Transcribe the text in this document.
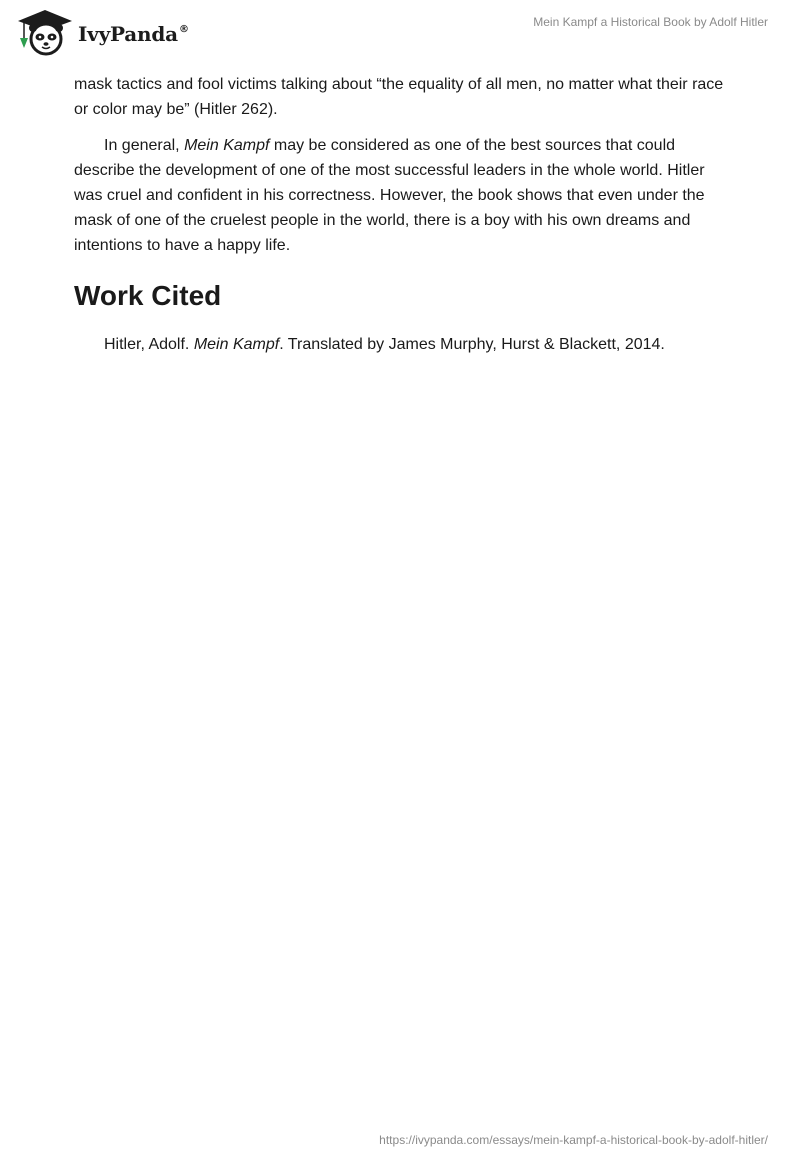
IvyPanda®
Mein Kampf a Historical Book by Adolf Hitler

mask tactics and fool victims talking about “the equality of all men, no matter what their race or color may be” (Hitler 262).

In general, Mein Kampf may be considered as one of the best sources that could describe the development of one of the most successful leaders in the whole world. Hitler was cruel and confident in his correctness. However, the book shows that even under the mask of one of the cruelest people in the world, there is a boy with his own dreams and intentions to have a happy life.

Work Cited

Hitler, Adolf. Mein Kampf. Translated by James Murphy, Hurst & Blackett, 2014.

https://ivypanda.com/essays/mein-kampf-a-historical-book-by-adolf-hitler/
